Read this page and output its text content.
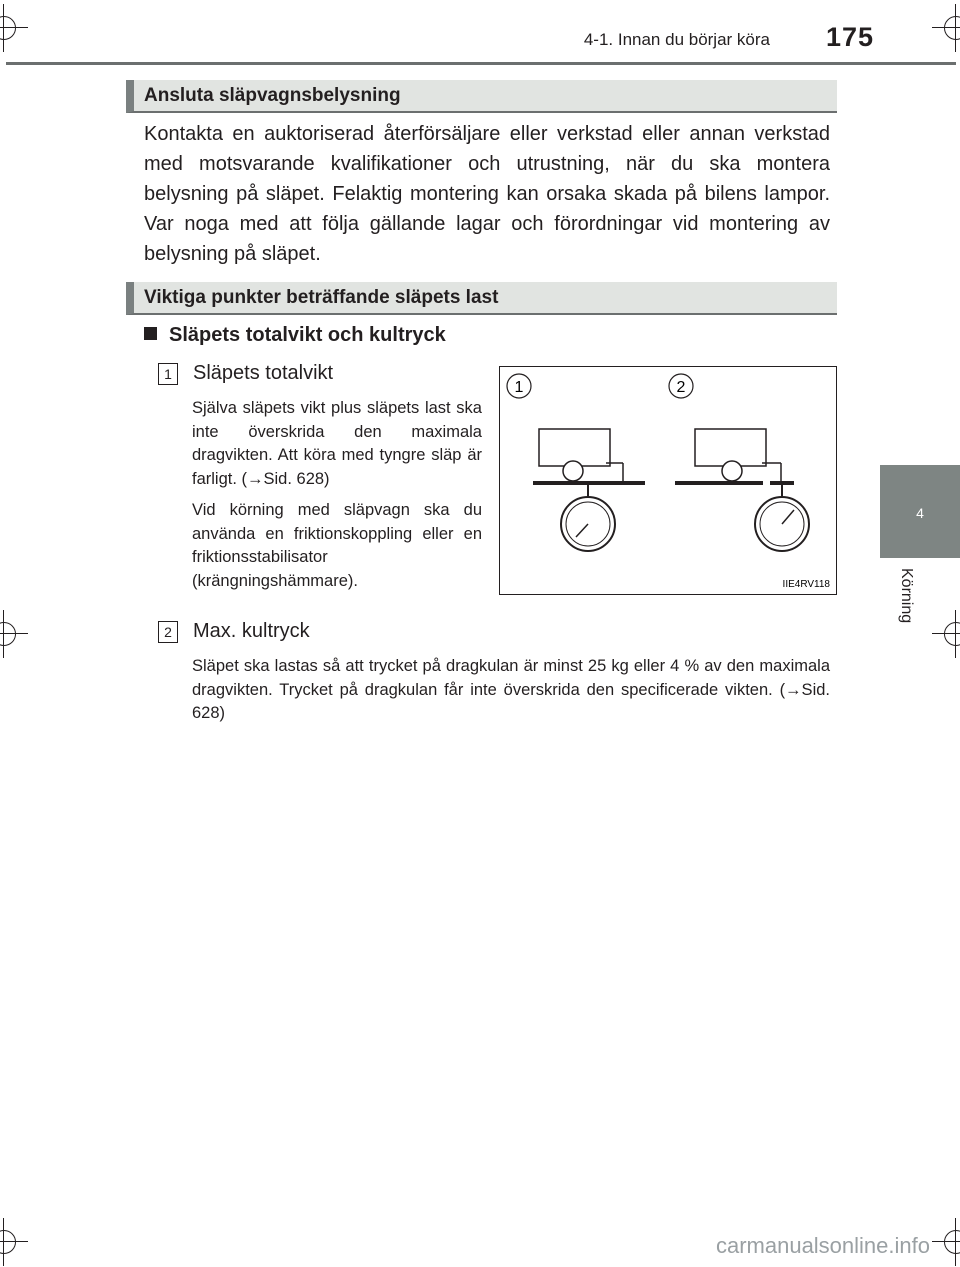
4-1. Innan du börjar köra 175
4
Körning
Ansluta släpvagnsbelysning
Kontakta en auktoriserad återförsäljare eller verkstad eller annan verkstad med motsvarande kvalifikationer och utrustning, när du ska montera belysning på släpet. Felaktig montering kan orsaka skada på bilens lampor. Var noga med att följa gällande lagar och förordningar vid montering av belysning på släpet.
Viktiga punkter beträffande släpets last
Släpets totalvikt och kultryck
1	Släpets totalvikt

Själva släpets vikt plus släpets last ska inte överskrida den maximala dragvikten. Att köra med tyngre släp är farligt. (→Sid. 628)

Vid körning med släpvagn ska du använda en friktionskoppling eller en friktionsstabilisator (krängningshämmare).

1	2
IIE4RV118
2	Max. kultryck

Släpet ska lastas så att trycket på dragkulan är minst 25 kg eller 4 % av den maximala dragvikten. Trycket på dragkulan får inte överskrida den specificerade vikten. (→Sid. 628)

carmanualsonline.info
